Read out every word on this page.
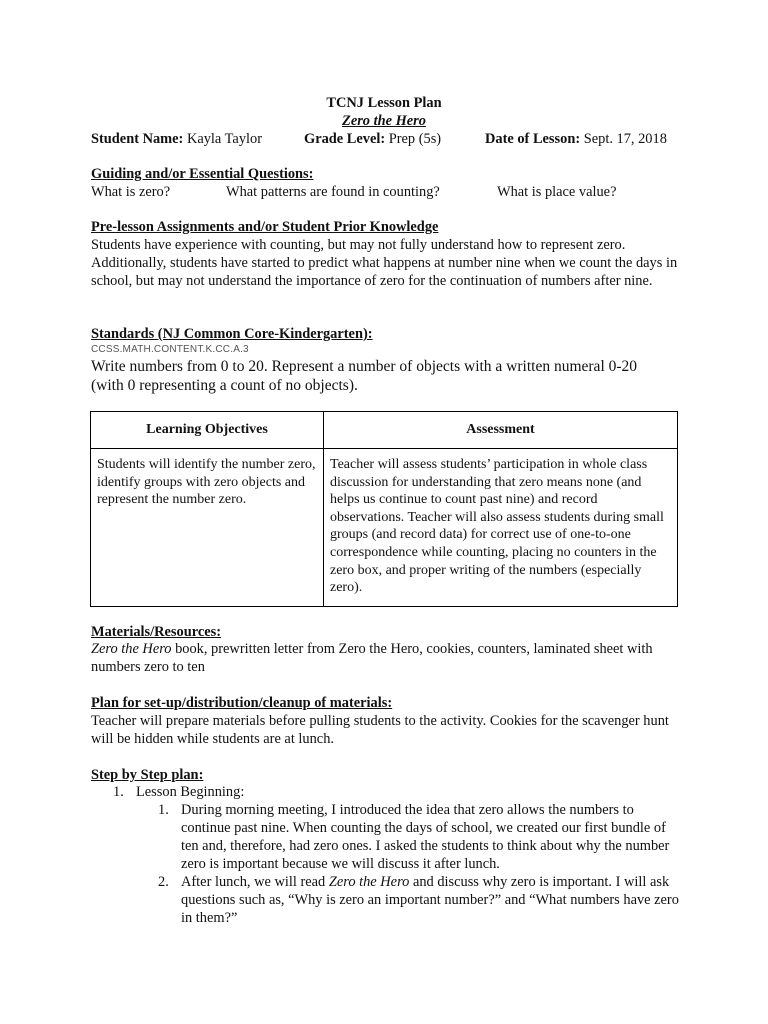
TCNJ Lesson Plan
Zero the Hero
Student Name: Kayla Taylor	Grade Level: Prep (5s)	Date of Lesson: Sept. 17, 2018
Guiding and/or Essential Questions:
What is zero?	What patterns are found in counting?	What is place value?
Pre-lesson Assignments and/or Student Prior Knowledge
Students have experience with counting, but may not fully understand how to represent zero. Additionally, students have started to predict what happens at number nine when we count the days in school, but may not understand the importance of zero for the continuation of numbers after nine.
Standards (NJ Common Core-Kindergarten):
CCSS.MATH.CONTENT.K.CC.A.3
Write numbers from 0 to 20. Represent a number of objects with a written numeral 0-20 (with 0 representing a count of no objects).
Learning Objectives	Assessment
Students will identify the number zero, identify groups with zero objects and represent the number zero.	Teacher will assess students’ participation in whole class discussion for understanding that zero means none (and helps us continue to count past nine) and record observations. Teacher will also assess students during small groups (and record data) for correct use of one-to-one correspondence while counting, placing no counters in the zero box, and proper writing of the numbers (especially zero).
Materials/Resources:
Zero the Hero book, prewritten letter from Zero the Hero, cookies, counters, laminated sheet with numbers zero to ten
Plan for set-up/distribution/cleanup of materials:
Teacher will prepare materials before pulling students to the activity. Cookies for the scavenger hunt will be hidden while students are at lunch.
Step by Step plan:
1. Lesson Beginning:
1. During morning meeting, I introduced the idea that zero allows the numbers to continue past nine. When counting the days of school, we created our first bundle of ten and, therefore, had zero ones. I asked the students to think about why the number zero is important because we will discuss it after lunch.
2. After lunch, we will read Zero the Hero and discuss why zero is important. I will ask questions such as, “Why is zero an important number?” and “What numbers have zero in them?”
